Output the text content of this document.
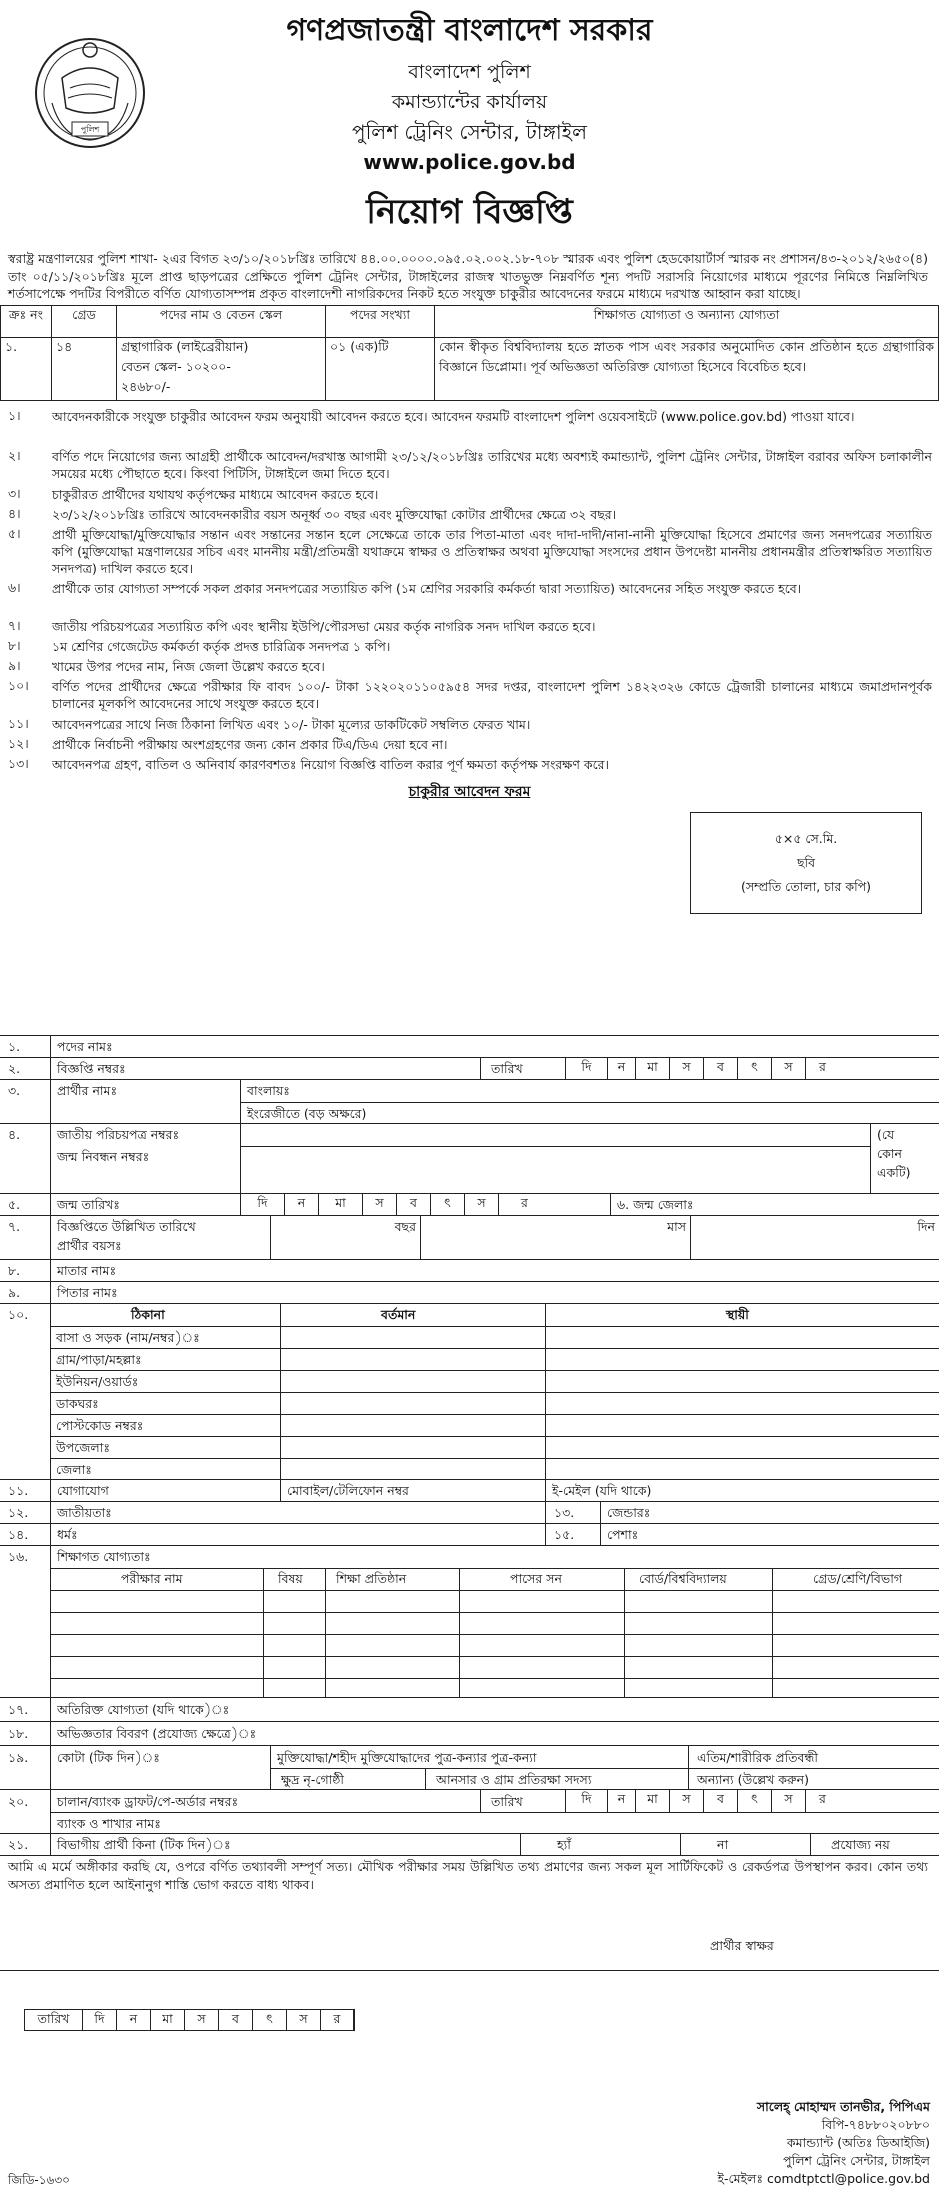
পুলিশ
গণপ্রজাতন্ত্রী বাংলাদেশ সরকার
বাংলাদেশ পুলিশ
কমান্ড্যান্টের কার্যালয়
পুলিশ ট্রেনিং সেন্টার, টাঙ্গাইল
www.police.gov.bd
নিয়োগ বিজ্ঞপ্তি
স্বরাষ্ট্র মন্ত্রণালয়ের পুলিশ শাখা- ২এর বিগত ২৩/১০/২০১৮খ্রিঃ তারিখে ৪৪.০০.০০০০.০৯৫.০২.০০২.১৮-৭০৮ স্মারক এবং পুলিশ হেডকোয়ার্টার্স স্মারক নং প্রশাসন/৪৩-২০১২/২৬৫০(৪) তাং ০৫/১১/২০১৮খ্রিঃ মূলে প্রাপ্ত ছাড়পত্রের প্রেক্ষিতে পুলিশ ট্রেনিং সেন্টার, টাঙ্গাইলের রাজস্ব খাতভুক্ত নিম্নবর্ণিত শূন্য পদটি সরাসরি নিয়োগের মাধ্যমে পূরণের নিমিত্তে নিম্নলিখিত শর্তসাপেক্ষে পদটির বিপরীতে বর্ণিত যোগ্যতাসম্পন্ন প্রকৃত বাংলাদেশী নাগরিকদের নিকট হতে সংযুক্ত চাকুরীর আবেদনের ফরমে মাধ্যমে দরখাস্ত আহ্বান করা যাচ্ছে।
ক্রঃ নং	গ্রেড	পদের নাম ও বেতন স্কেল	পদের সংখ্যা	শিক্ষাগত যোগ্যতা ও অন্যান্য যোগ্যতা
১.	১৪	গ্রন্থাগারিক (লাইব্রেরীয়ান)
বেতন স্কেল- ১০২০০-
২৪৬৮০/-	০১ (এক)টি	কোন স্বীকৃত বিশ্ববিদ্যালয় হতে স্নাতক পাস এবং সরকার অনুমোদিত কোন প্রতিষ্ঠান হতে গ্রন্থাগারিক বিজ্ঞানে ডিপ্লোমা। পূর্ব অভিজ্ঞতা অতিরিক্ত যোগ্যতা হিসেবে বিবেচিত হবে।
১।	আবেদনকারীকে সংযুক্ত চাকুরীর আবেদন ফরম অনুযায়ী আবেদন করতে হবে। আবেদন ফরমটি বাংলাদেশ পুলিশ ওয়েবসাইটে (www.police.gov.bd) পাওয়া যাবে।
২।	বর্ণিত পদে নিয়োগের জন্য আগ্রহী প্রার্থীকে আবেদন/দরখাস্ত আগামী ২৩/১২/২০১৮খ্রিঃ তারিখের মধ্যে অবশ্যই কমান্ড্যান্ট, পুলিশ ট্রেনিং সেন্টার, টাঙ্গাইল বরাবর অফিস চলাকালীন সময়ের মধ্যে পৌছাতে হবে। কিংবা পিটিসি, টাঙ্গাইলে জমা দিতে হবে।
৩।	চাকুরীরত প্রার্থীদের যথাযথ কর্তৃপক্ষের মাধ্যমে আবেদন করতে হবে।
৪।	২৩/১২/২০১৮খ্রিঃ তারিখে আবেদনকারীর বয়স অনূর্ধ্ব ৩০ বছর এবং মুক্তিযোদ্ধা কোটার প্রার্থীদের ক্ষেত্রে ৩২ বছর।
৫।	প্রার্থী মুক্তিযোদ্ধা/মুক্তিযোদ্ধার সন্তান এবং সন্তানের সন্তান হলে সেক্ষেত্রে তাকে তার পিতা-মাতা এবং দাদা-দাদী/নানা-নানী মুক্তিযোদ্ধা হিসেবে প্রমাণের জন্য সনদপত্রের সত্যায়িত কপি (মুক্তিযোদ্ধা মন্ত্রণালয়ের সচিব এবং মাননীয় মন্ত্রী/প্রতিমন্ত্রী যথাক্রমে স্বাক্ষর ও প্রতিস্বাক্ষর অথবা মুক্তিযোদ্ধা সংসদের প্রধান উপদেষ্টা মাননীয় প্রধানমন্ত্রীর প্রতিস্বাক্ষরিত সত্যায়িত সনদপত্র) দাখিল করতে হবে।
৬।	প্রার্থীকে তার যোগ্যতা সম্পর্কে সকল প্রকার সনদপত্রের সত্যায়িত কপি (১ম শ্রেণির সরকারি কর্মকর্তা দ্বারা সত্যায়িত) আবেদনের সহিত সংযুক্ত করতে হবে।
৭।	জাতীয় পরিচয়পত্রের সত্যায়িত কপি এবং স্থানীয় ইউপি/পৌরসভা মেয়র কর্তৃক নাগরিক সনদ দাখিল করতে হবে।
৮।	১ম শ্রেণির গেজেটেড কর্মকর্তা কর্তৃক প্রদত্ত চারিত্রিক সনদপত্র ১ কপি।
৯।	খামের উপর পদের নাম, নিজ জেলা উল্লেখ করতে হবে।
১০।	বর্ণিত পদের প্রার্থীদের ক্ষেত্রে পরীক্ষার ফি বাবদ ১০০/- টাকা ১২২০২০১১০৫৯৫৪ সদর দপ্তর, বাংলাদেশ পুলিশ ১৪২২৩২৬ কোডে ট্রেজারী চালানের মাধ্যমে জমাপ্রদানপূর্বক চালানের মূলকপি আবেদনের সাথে সংযুক্ত করতে হবে।
১১।	আবেদনপত্রের সাথে নিজ ঠিকানা লিখিত এবং ১০/- টাকা মূল্যের ডাকটিকেট সম্বলিত ফেরত খাম।
১২।	প্রার্থীকে নির্বাচনী পরীক্ষায় অংশগ্রহণের জন্য কোন প্রকার টিএ/ডিএ দেয়া হবে না।
১৩।	আবেদনপত্র গ্রহণ, বাতিল ও অনিবার্য কারণবশতঃ নিয়োগ বিজ্ঞপ্তি বাতিল করার পূর্ণ ক্ষমতা কর্তৃপক্ষ সংরক্ষণ করে।
চাকুরীর আবেদন ফরম
৫×৫ সে.মি.
ছবি
(সম্প্রতি তোলা, চার কপি)
১.	পদের নামঃ
২.	বিজ্ঞপ্তি নম্বরঃ	তারিখ	দি	ন	মা	স	ব	ৎ	স	র
৩.	প্রার্থীর নামঃ	বাংলায়ঃ
ইংরেজীতে (বড় অক্ষরে)
৪.	জাতীয় পরিচয়পত্র নম্বরঃ
জন্ম নিবন্ধন নম্বরঃ
(যে
কোন
একটি)
৫.	জন্ম তারিখঃ	দি	ন	মা	স	ব	ৎ	স	র	৬. জন্ম জেলাঃ
৭.	বিজ্ঞপ্তিতে উল্লিখিত তারিখে
প্রার্থীর বয়সঃ
বছর	মাস	দিন
৮.	মাতার নামঃ
৯.	পিতার নামঃ
১০.	ঠিকানা	বর্তমান	স্থায়ী
বাসা ও সড়ক (নাম/নম্বর)ঃ
গ্রাম/পাড়া/মহল্লাঃ
ইউনিয়ন/ওয়ার্ডঃ
ডাকঘরঃ
পোস্টকোড নম্বরঃ
উপজেলাঃ
জেলাঃ
১১. যোগাযোগ	মোবাইল/টেলিফোন নম্বর	ই-মেইল (যদি থাকে)
১২. জাতীয়তাঃ	১৩.	জেন্ডারঃ
১৪. ধর্মঃ	১৫.	পেশাঃ
১৬. শিক্ষাগত যোগ্যতাঃ
পরীক্ষার নাম	বিষয়	শিক্ষা প্রতিষ্ঠান	পাসের সন	বোর্ড/বিশ্ববিদ্যালয়	গ্রেড/শ্রেণি/বিভাগ
১৭. অতিরিক্ত যোগ্যতা (যদি থাকে)ঃ
১৮. অভিজ্ঞতার বিবরণ (প্রযোজ্য ক্ষেত্রে)ঃ
১৯. কোটা (টিক দিন)ঃ	মুক্তিযোদ্ধা/শহীদ মুক্তিযোদ্ধাদের পুত্র-কন্যার পুত্র-কন্যা	এতিম/শারীরিক প্রতিবন্ধী
ক্ষুদ্র নৃ-গোষ্ঠী	আনসার ও গ্রাম প্রতিরক্ষা সদস্য	অন্যান্য (উল্লেখ করুন)
২০. চালান/ব্যাংক ড্রাফট/পে-অর্ডার নম্বরঃ	তারিখ	দি	ন	মা	স	ব	ৎ	স	র
ব্যাংক ও শাখার নামঃ
২১. বিভাগীয় প্রার্থী কিনা (টিক দিন)ঃ	হ্যাঁ	না	প্রযোজ্য নয়
আমি এ মর্মে অঙ্গীকার করছি যে, ওপরে বর্ণিত তথ্যাবলী সম্পূর্ণ সত্য। মৌখিক পরীক্ষার সময় উল্লিখিত তথ্য প্রমাণের জন্য সকল মূল সার্টিফিকেট ও রেকর্ডপত্র উপস্থাপন করব। কোন তথ্য অসত্য প্রমাণিত হলে আইনানুগ শাস্তি ভোগ করতে বাধ্য থাকব।
প্রার্থীর স্বাক্ষর
তারিখ	দি	ন	মা	স	ব	ৎ	স	র
সালেহ্ মোহাম্মদ তানভীর, পিপিএম
বিপি-৭৪৮৮০২০৮৮০
কমান্ড্যান্ট (অতিঃ ডিআইজি)
পুলিশ ট্রেনিং সেন্টার, টাঙ্গাইল
ই-মেইলঃ comdtptctl@police.gov.bd
জিডি-১৬৩০
